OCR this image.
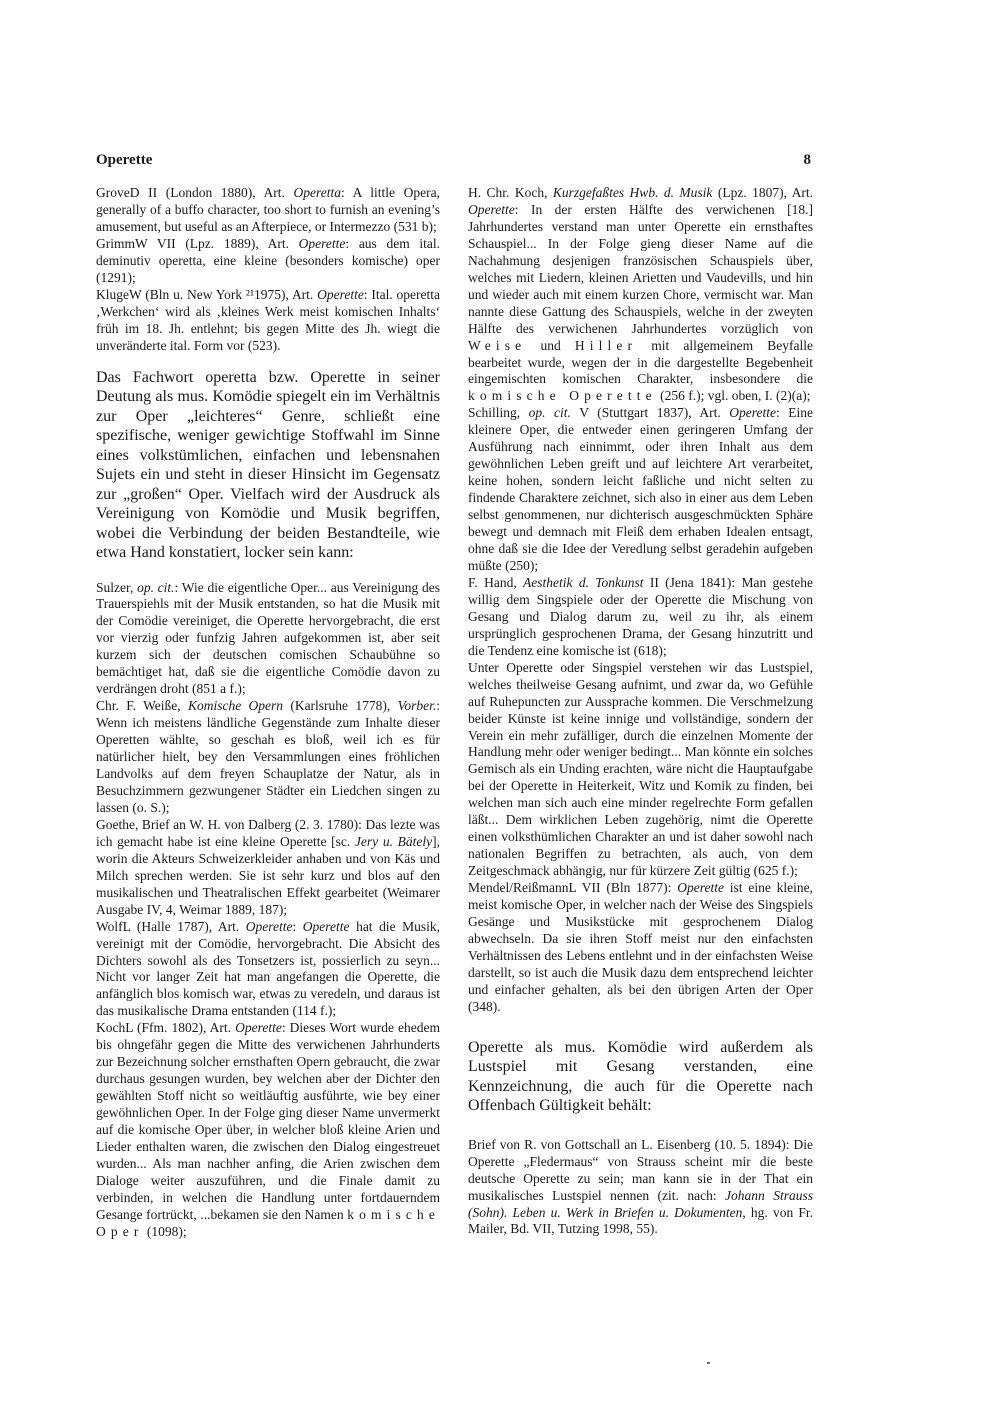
Operette	8

GroveD II (London 1880), Art. Operetta: A little Opera, generally of a buffo character, too short to furnish an evening’s amusement, but useful as an Afterpiece, or Intermezzo (531 b);

GrimmW VII (Lpz. 1889), Art. Operette: aus dem ital. deminutiv operetta, eine kleine (besonders komische) oper (1291);

KlugeW (Bln u. New York ²¹1975), Art. Operette: Ital. operetta ‚Werkchen‘ wird als ‚kleines Werk meist komischen Inhalts‘ früh im 18. Jh. entlehnt; bis gegen Mitte des Jh. wiegt die unveränderte ital. Form vor (523).

Das Fachwort operetta bzw. Operette in seiner Deutung als mus. Komödie spiegelt ein im Verhältnis zur Oper „leichteres“ Genre, schließt eine spezifische, weniger gewichtige Stoffwahl im Sinne eines volkstümlichen, einfachen und lebensnahen Sujets ein und steht in dieser Hinsicht im Gegensatz zur „großen“ Oper. Vielfach wird der Ausdruck als Vereinigung von Komödie und Musik begriffen, wobei die Verbindung der beiden Bestandteile, wie etwa Hand konstatiert, locker sein kann:

Sulzer, op. cit.: Wie die eigentliche Oper... aus Vereinigung des Trauerspiehls mit der Musik entstanden, so hat die Musik mit der Comödie vereiniget, die Operette hervorgebracht, die erst vor vierzig oder funfzig Jahren aufgekommen ist, aber seit kurzem sich der deutschen comischen Schaubühne so bemächtiget hat, daß sie die eigentliche Comödie davon zu verdrängen droht (851 a f.);

Chr. F. Weiße, Komische Opern (Karlsruhe 1778), Vorber.: Wenn ich meistens ländliche Gegenstände zum Inhalte dieser Operetten wählte, so geschah es bloß, weil ich es für natürlicher hielt, bey den Versammlungen eines fröhlichen Landvolks auf dem freyen Schauplatze der Natur, als in Besuchzimmern gezwungener Städter ein Liedchen singen zu lassen (o. S.);

Goethe, Brief an W. H. von Dalberg (2. 3. 1780): Das lezte was ich gemacht habe ist eine kleine Operette [sc. Jery u. Bätely], worin die Akteurs Schweizerkleider anhaben und von Käs und Milch sprechen werden. Sie ist sehr kurz und blos auf den musikalischen und Theatralischen Effekt gearbeitet (Weimarer Ausgabe IV, 4, Weimar 1889, 187);

WolfL (Halle 1787), Art. Operette: Operette hat die Musik, vereinigt mit der Comödie, hervorgebracht. Die Absicht des Dichters sowohl als des Tonsetzers ist, possierlich zu seyn... Nicht vor langer Zeit hat man angefangen die Operette, die anfänglich blos komisch war, etwas zu veredeln, und daraus ist das musikalische Drama entstanden (114 f.);

KochL (Ffm. 1802), Art. Operette: Dieses Wort wurde ehedem bis ohngefähr gegen die Mitte des verwichenen Jahrhunderts zur Bezeichnung solcher ernsthaften Opern gebraucht, die zwar durchaus gesungen wurden, bey welchen aber der Dichter den gewählten Stoff nicht so weitläuftig ausführte, wie bey einer gewöhnlichen Oper. In der Folge ging dieser Name unvermerkt auf die komische Oper über, in welcher bloß kleine Arien und Lieder enthalten waren, die zwischen den Dialog eingestreuet wurden... Als man nachher anfing, die Arien zwischen dem Dialoge weiter auszuführen, und die Finale damit zu verbinden, in welchen die Handlung unter fortdauerndem Gesange fortrückt, ...bekamen sie den Namen komische Oper (1098);

H. Chr. Koch, Kurzgefaßtes Hwb. d. Musik (Lpz. 1807), Art. Operette: In der ersten Hälfte des verwichenen [18.] Jahrhundertes verstand man unter Operette ein ernsthaftes Schauspiel... In der Folge gieng dieser Name auf die Nachahmung desjenigen französischen Schauspiels über, welches mit Liedern, kleinen Arietten und Vaudevills, und hin und wieder auch mit einem kurzen Chore, vermischt war. Man nannte diese Gattung des Schauspiels, welche in der zweyten Hälfte des verwichenen Jahrhundertes vorzüglich von Weise und Hiller mit allgemeinem Beyfalle bearbeitet wurde, wegen der in die dargestellte Begebenheit eingemischten komischen Charakter, insbesondere die komische Operette (256 f.); vgl. oben, I. (2)(a);

Schilling, op. cit. V (Stuttgart 1837), Art. Operette: Eine kleinere Oper, die entweder einen geringeren Umfang der Ausführung nach einnimmt, oder ihren Inhalt aus dem gewöhnlichen Leben greift und auf leichtere Art verarbeitet, keine hohen, sondern leicht faßliche und nicht selten zu findende Charaktere zeichnet, sich also in einer aus dem Leben selbst genommenen, nur dichterisch ausgeschmückten Sphäre bewegt und demnach mit Fleiß dem erhaben Idealen entsagt, ohne daß sie die Idee der Veredlung selbst geradehin aufgeben müßte (250);

F. Hand, Aesthetik d. Tonkunst II (Jena 1841): Man gestehe willig dem Singspiele oder der Operette die Mischung von Gesang und Dialog darum zu, weil zu ihr, als einem ursprünglich gesprochenen Drama, der Gesang hinzutritt und die Tendenz eine komische ist (618);

Unter Operette oder Singspiel verstehen wir das Lustspiel, welches theilweise Gesang aufnimt, und zwar da, wo Gefühle auf Ruhepuncten zur Aussprache kommen. Die Verschmelzung beider Künste ist keine innige und vollständige, sondern der Verein ein mehr zufälliger, durch die einzelnen Momente der Handlung mehr oder weniger bedingt... Man könnte ein solches Gemisch als ein Unding erachten, wäre nicht die Hauptaufgabe bei der Operette in Heiterkeit, Witz und Komik zu finden, bei welchen man sich auch eine minder regelrechte Form gefallen läßt... Dem wirklichen Leben zugehörig, nimt die Operette einen volksthümlichen Charakter an und ist daher sowohl nach nationalen Begriffen zu betrachten, als auch, von dem Zeitgeschmack abhängig, nur für kürzere Zeit gültig (625 f.);

Mendel/ReißmannL VII (Bln 1877): Operette ist eine kleine, meist komische Oper, in welcher nach der Weise des Singspiels Gesänge und Musikstücke mit gesprochenem Dialog abwechseln. Da sie ihren Stoff meist nur den einfachsten Verhältnissen des Lebens entlehnt und in der einfachsten Weise darstellt, so ist auch die Musik dazu dem entsprechend leichter und einfacher gehalten, als bei den übrigen Arten der Oper (348).

Operette als mus. Komödie wird außerdem als Lustspiel mit Gesang verstanden, eine Kennzeichnung, die auch für die Operette nach Offenbach Gültigkeit behält:

Brief von R. von Gottschall an L. Eisenberg (10. 5. 1894): Die Operette „Fledermaus“ von Strauss scheint mir die beste deutsche Operette zu sein; man kann sie in der That ein musikalisches Lustspiel nennen (zit. nach: Johann Strauss (Sohn). Leben u. Werk in Briefen u. Dokumenten, hg. von Fr. Mailer, Bd. VII, Tutzing 1998, 55).
